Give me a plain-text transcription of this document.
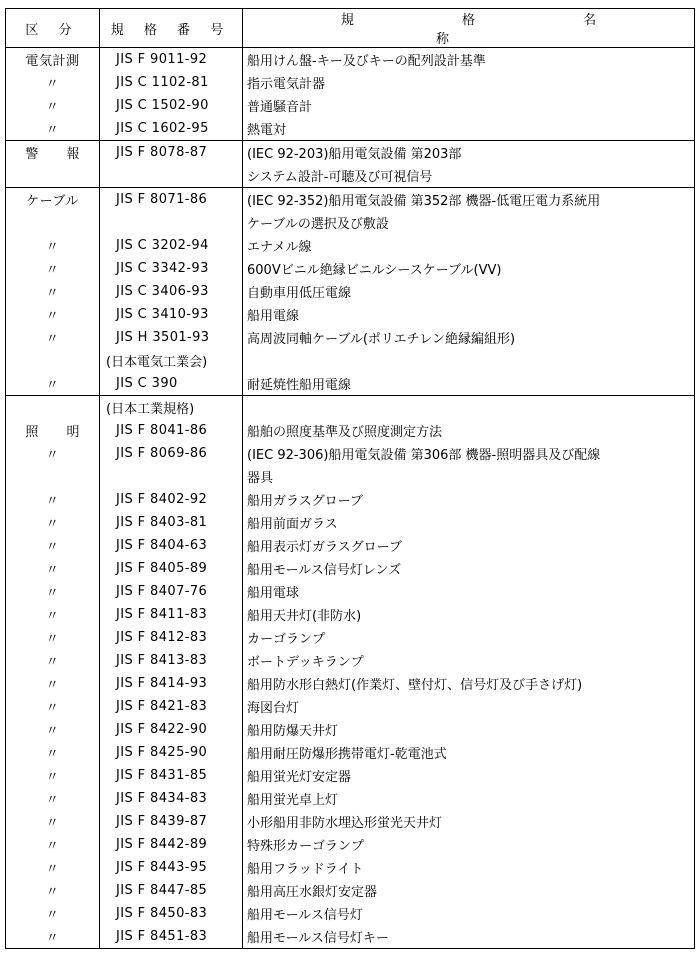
区 分	規 格 番 号	規 格 名 称
電気計測	JIS F 9011-92	船用けん盤-キー及びキーの配列設計基準
〃	JIS C 1102-81	指示電気計器
〃	JIS C 1502-90	普通騒音計
〃	JIS C 1602-95	熱電対
警 報	JIS F 8078-87	(IEC 92-203)船用電気設備 第203部
		システム設計-可聴及び可視信号
ケーブル	JIS F 8071-86	(IEC 92-352)船用電気設備 第352部 機器-低電圧電力系統用
		ケーブルの選択及び敷設
〃	JIS C 3202-94	エナメル線
〃	JIS C 3342-93	600Vビニル絶縁ビニルシースケーブル(VV)
〃	JIS C 3406-93	自動車用低圧電線
〃	JIS C 3410-93	船用電線
〃	JIS H 3501-93	高周波同軸ケーブル(ポリエチレン絶縁編組形)
	(日本電気工業会)	
〃	JIS C 390	耐延焼性船用電線
	(日本工業規格)	
照 明	JIS F 8041-86	船舶の照度基準及び照度測定方法
〃	JIS F 8069-86	(IEC 92-306)船用電気設備 第306部 機器-照明器具及び配線
		器具
〃	JIS F 8402-92	船用ガラスグローブ
〃	JIS F 8403-81	船用前面ガラス
〃	JIS F 8404-63	船用表示灯ガラスグローブ
〃	JIS F 8405-89	船用モールス信号灯レンズ
〃	JIS F 8407-76	船用電球
〃	JIS F 8411-83	船用天井灯(非防水)
〃	JIS F 8412-83	カーゴランプ
〃	JIS F 8413-83	ボートデッキランプ
〃	JIS F 8414-93	船用防水形白熱灯(作業灯、壁付灯、信号灯及び手さげ灯)
〃	JIS F 8421-83	海図台灯
〃	JIS F 8422-90	船用防爆天井灯
〃	JIS F 8425-90	船用耐圧防爆形携帯電灯-乾電池式
〃	JIS F 8431-85	船用蛍光灯安定器
〃	JIS F 8434-83	船用蛍光卓上灯
〃	JIS F 8439-87	小形船用非防水埋込形蛍光天井灯
〃	JIS F 8442-89	特殊形カーゴランプ
〃	JIS F 8443-95	船用フラッドライト
〃	JIS F 8447-85	船用高圧水銀灯安定器
〃	JIS F 8450-83	船用モールス信号灯
〃	JIS F 8451-83	船用モールス信号灯キー
